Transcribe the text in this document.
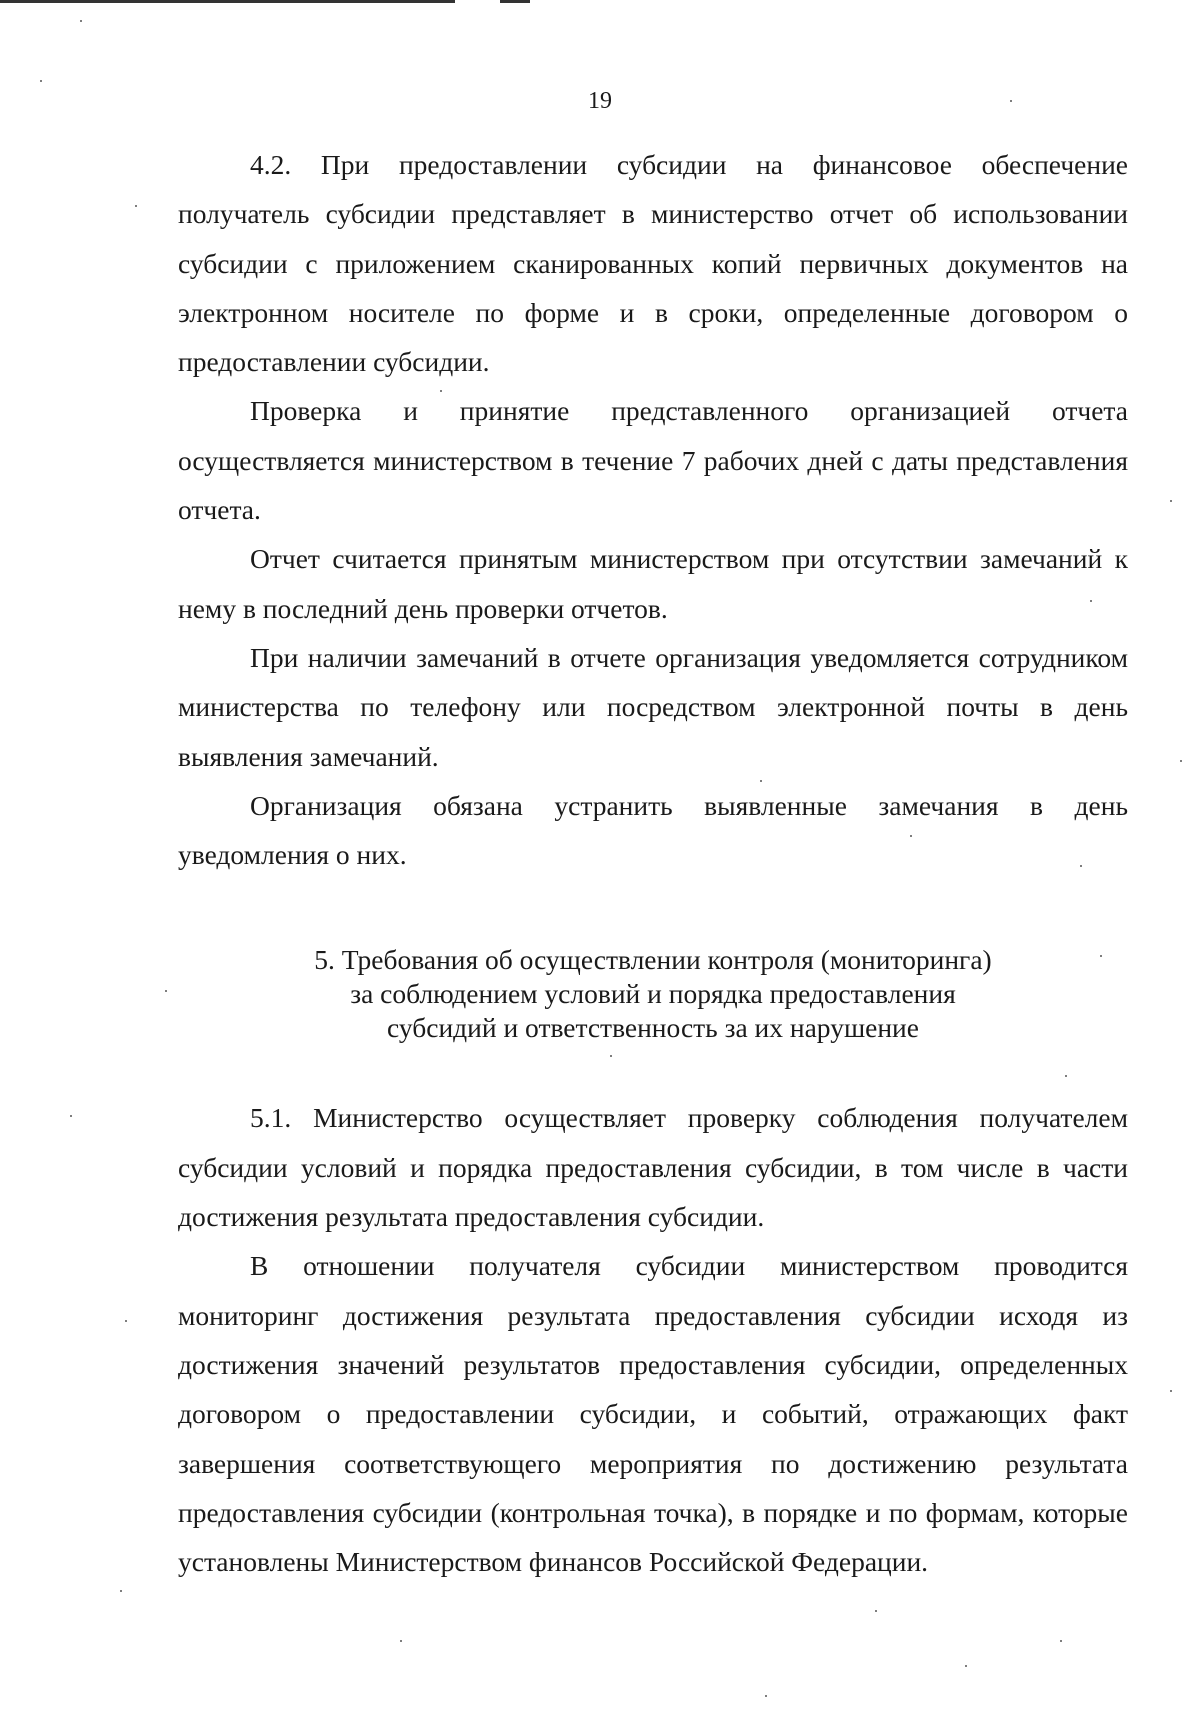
19

4.2. При предоставлении субсидии на финансовое обеспечение получатель субсидии представляет в министерство отчет об использовании субсидии с приложением сканированных копий первичных документов на электронном носителе по форме и в сроки, определенные договором о предоставлении субсидии.

Проверка и принятие представленного организацией отчета осуществляется министерством в течение 7 рабочих дней с даты представления отчета.

Отчет считается принятым министерством при отсутствии замечаний к нему в последний день проверки отчетов.

При наличии замечаний в отчете организация уведомляется сотрудником министерства по телефону или посредством электронной почты в день выявления замечаний.

Организация обязана устранить выявленные замечания в день уведомления о них.

5. Требования об осуществлении контроля (мониторинга)
за соблюдением условий и порядка предоставления
субсидий и ответственность за их нарушение

5.1. Министерство осуществляет проверку соблюдения получателем субсидии условий и порядка предоставления субсидии, в том числе в части достижения результата предоставления субсидии.

В отношении получателя субсидии министерством проводится мониторинг достижения результата предоставления субсидии исходя из достижения значений результатов предоставления субсидии, определенных договором о предоставлении субсидии, и событий, отражающих факт завершения соответствующего мероприятия по достижению результата предоставления субсидии (контрольная точка), в порядке и по формам, которые установлены Министерством финансов Российской Федерации.
